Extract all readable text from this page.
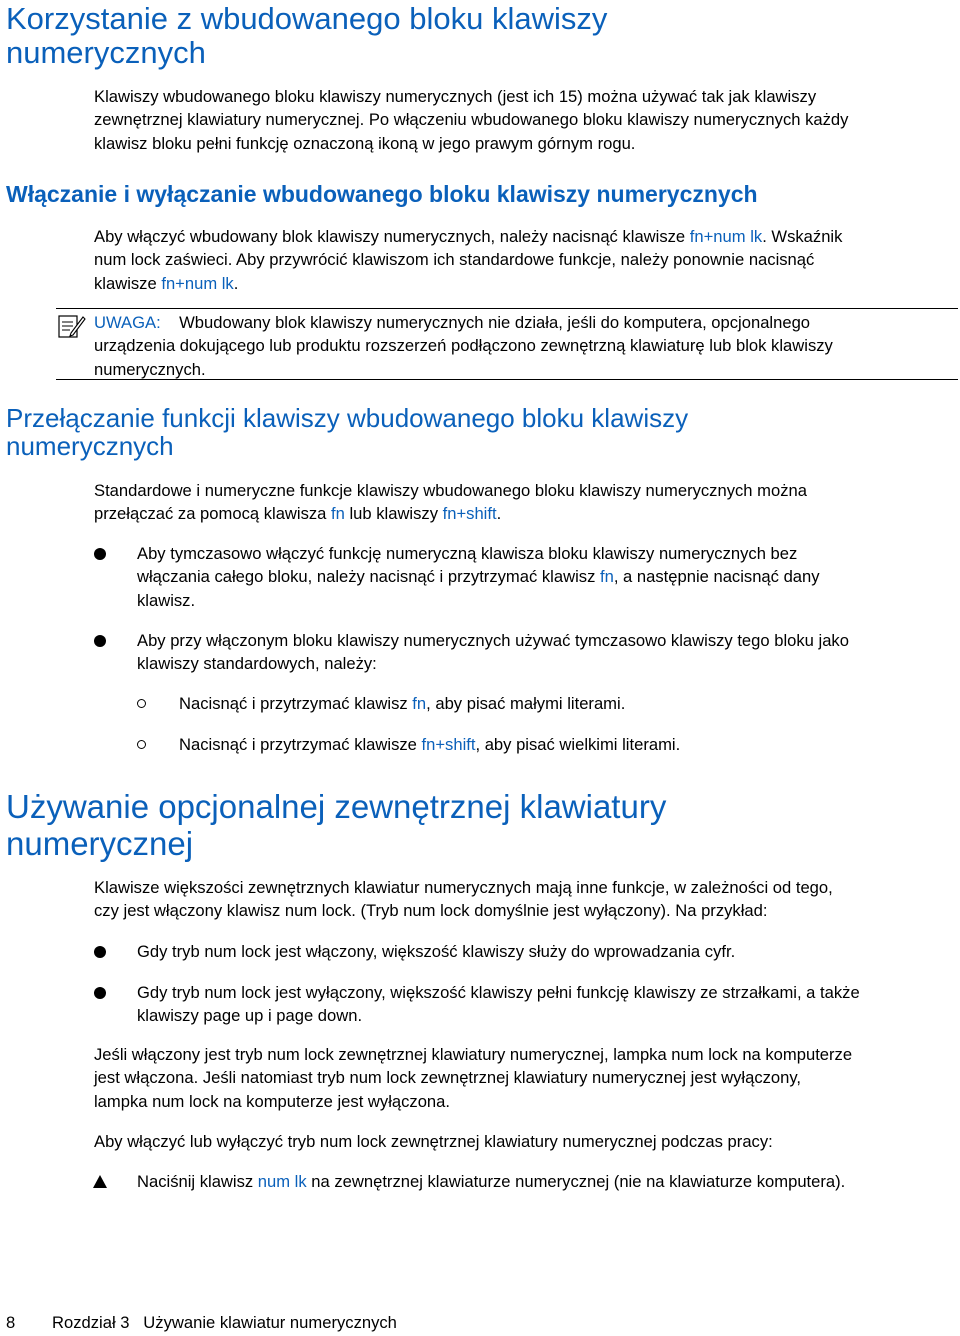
Korzystanie z wbudowanego bloku klawiszy
numerycznych

Klawiszy wbudowanego bloku klawiszy numerycznych (jest ich 15) można używać tak jak klawiszy
zewnętrznej klawiatury numerycznej. Po włączeniu wbudowanego bloku klawiszy numerycznych każdy
klawisz bloku pełni funkcję oznaczoną ikoną w jego prawym górnym rogu.

Włączanie i wyłączanie wbudowanego bloku klawiszy numerycznych

Aby włączyć wbudowany blok klawiszy numerycznych, należy nacisnąć klawisze fn+num lk. Wskaźnik
num lock zaświeci. Aby przywrócić klawiszom ich standardowe funkcje, należy ponownie nacisnąć
klawisze fn+num lk.

UWAGA: Wbudowany blok klawiszy numerycznych nie działa, jeśli do komputera, opcjonalnego
urządzenia dokującego lub produktu rozszerzeń podłączono zewnętrzną klawiaturę lub blok klawiszy
numerycznych.

Przełączanie funkcji klawiszy wbudowanego bloku klawiszy
numerycznych

Standardowe i numeryczne funkcje klawiszy wbudowanego bloku klawiszy numerycznych można
przełączać za pomocą klawisza fn lub klawiszy fn+shift.

Aby tymczasowo włączyć funkcję numeryczną klawisza bloku klawiszy numerycznych bez
włączania całego bloku, należy nacisnąć i przytrzymać klawisz fn, a następnie nacisnąć dany
klawisz.

Aby przy włączonym bloku klawiszy numerycznych używać tymczasowo klawiszy tego bloku jako
klawiszy standardowych, należy:

Nacisnąć i przytrzymać klawisz fn, aby pisać małymi literami.

Nacisnąć i przytrzymać klawisze fn+shift, aby pisać wielkimi literami.

Używanie opcjonalnej zewnętrznej klawiatury
numerycznej

Klawisze większości zewnętrznych klawiatur numerycznych mają inne funkcje, w zależności od tego,
czy jest włączony klawisz num lock. (Tryb num lock domyślnie jest wyłączony). Na przykład:

Gdy tryb num lock jest włączony, większość klawiszy służy do wprowadzania cyfr.

Gdy tryb num lock jest wyłączony, większość klawiszy pełni funkcję klawiszy ze strzałkami, a także
klawiszy page up i page down.

Jeśli włączony jest tryb num lock zewnętrznej klawiatury numerycznej, lampka num lock na komputerze
jest włączona. Jeśli natomiast tryb num lock zewnętrznej klawiatury numerycznej jest wyłączony,
lampka num lock na komputerze jest wyłączona.

Aby włączyć lub wyłączyć tryb num lock zewnętrznej klawiatury numerycznej podczas pracy:

Naciśnij klawisz num lk na zewnętrznej klawiaturze numerycznej (nie na klawiaturze komputera).

8 Rozdział 3   Używanie klawiatur numerycznych
